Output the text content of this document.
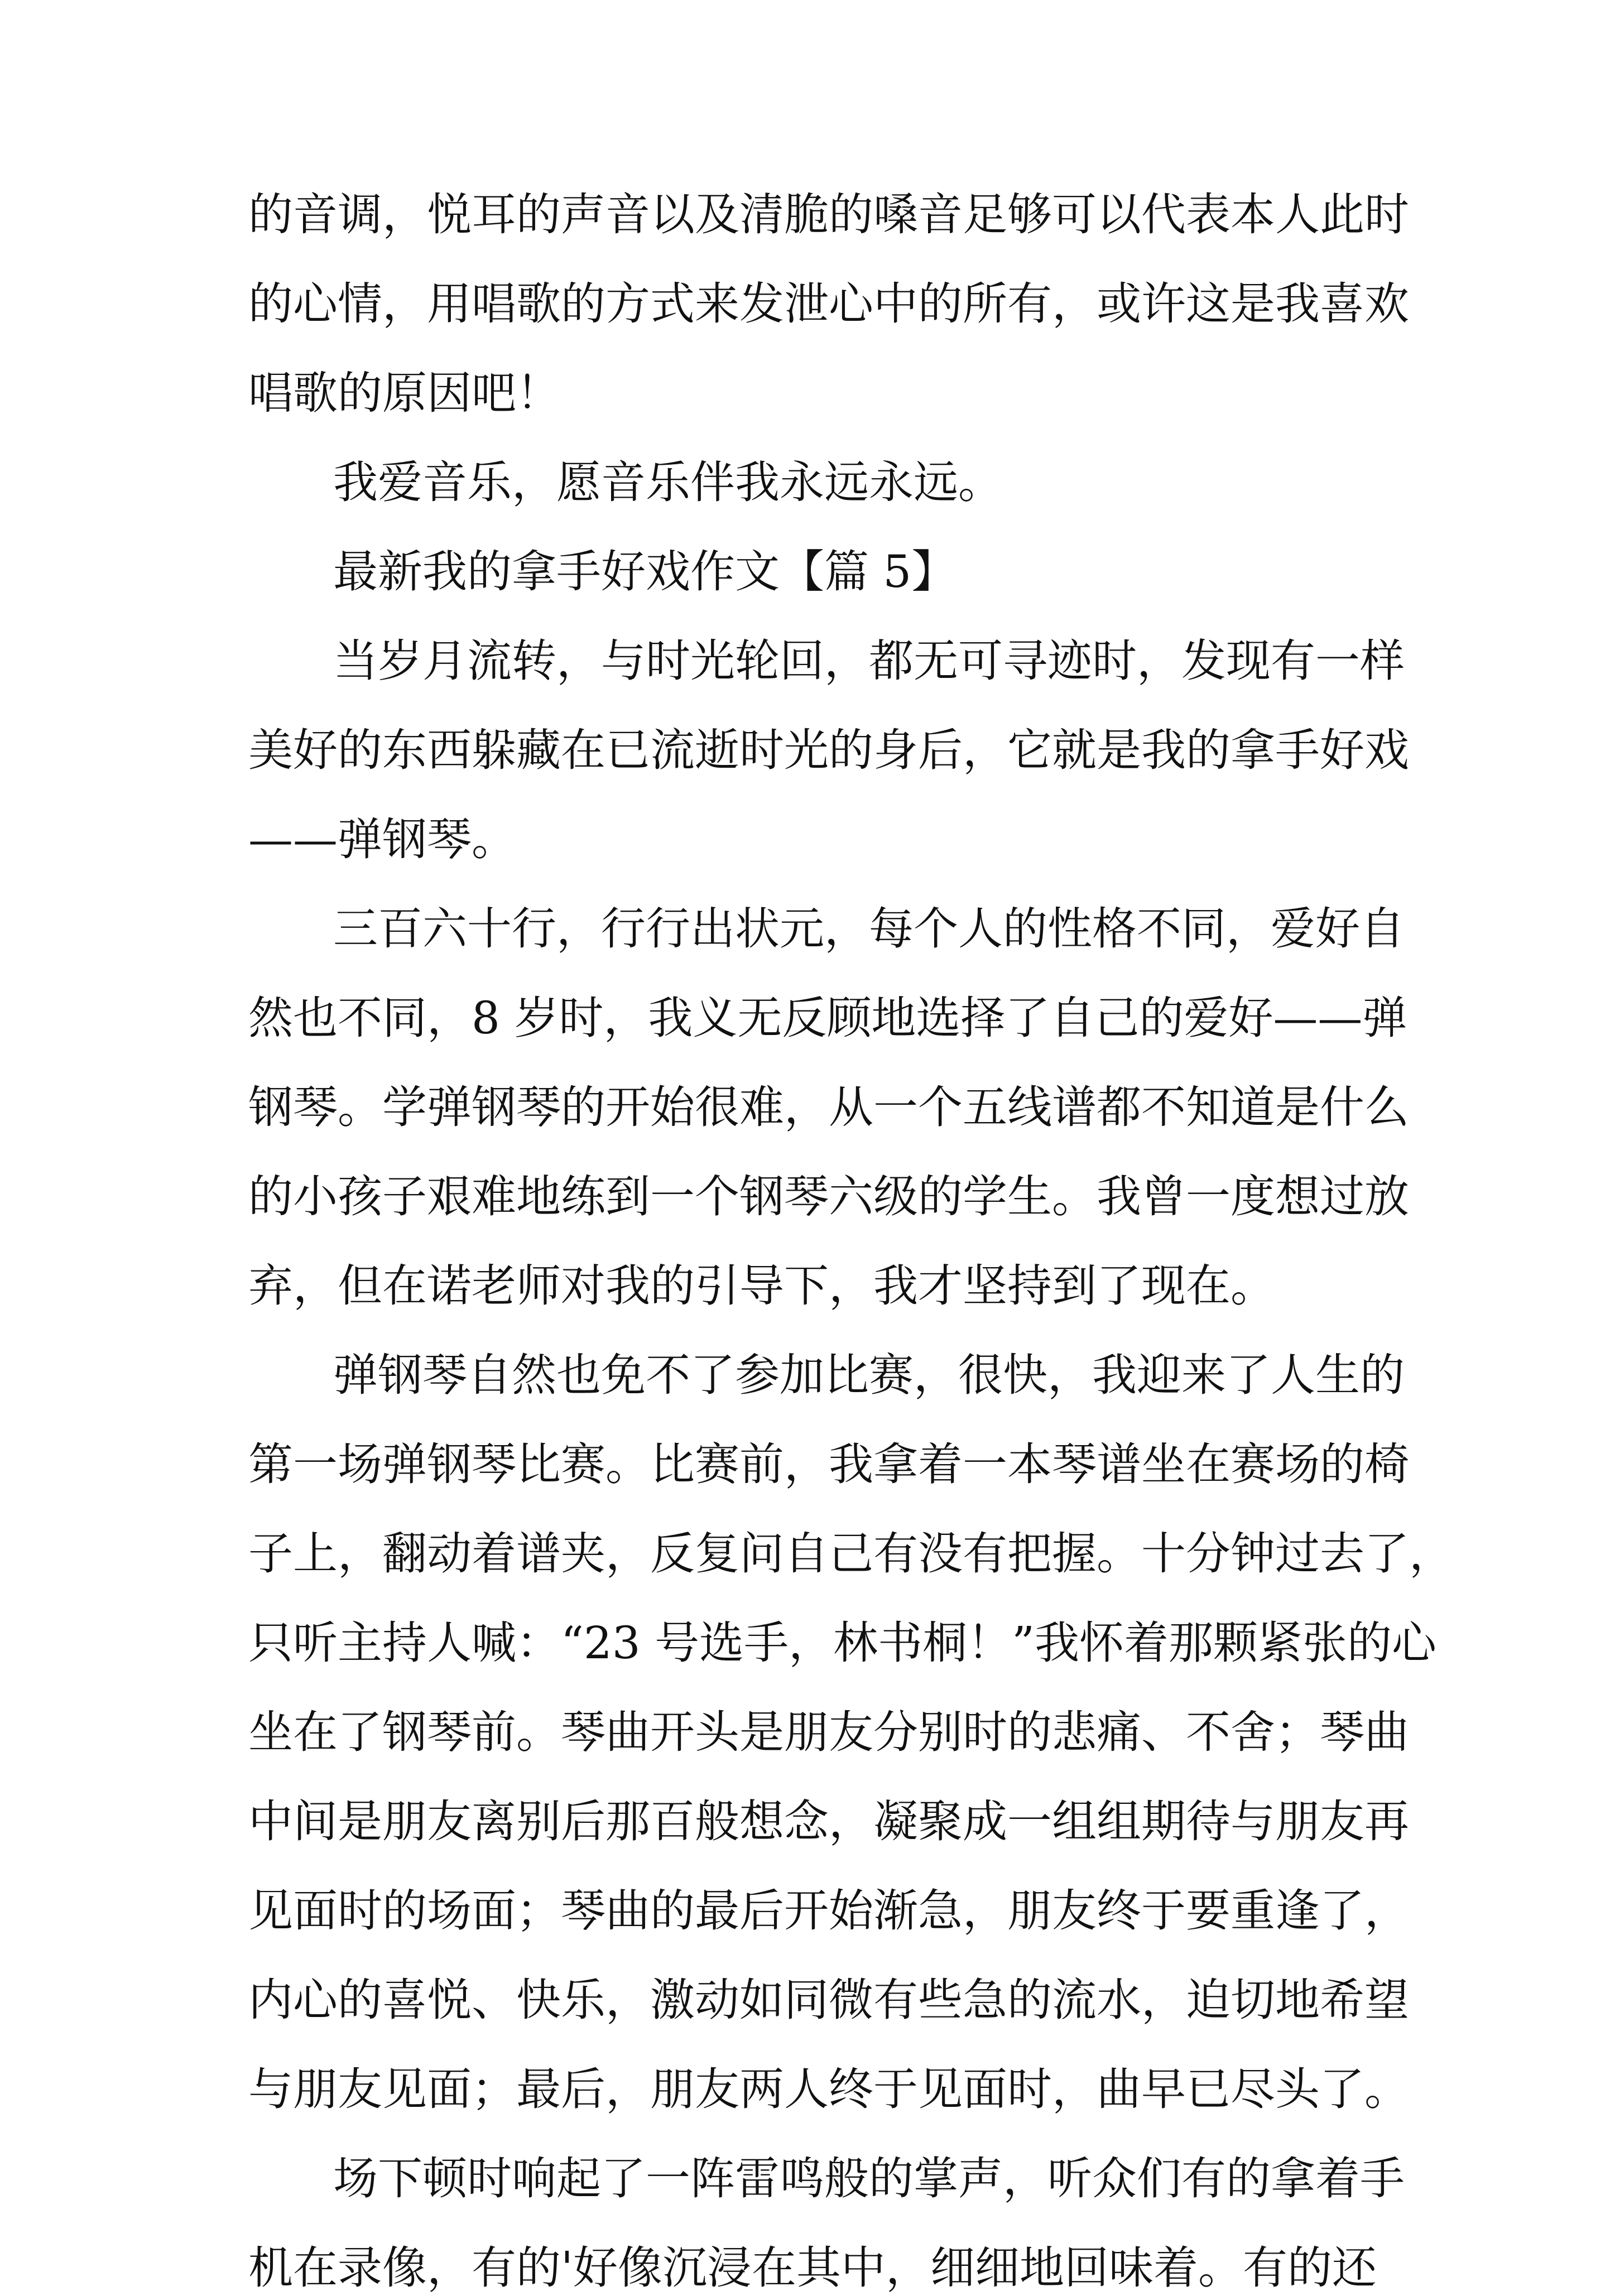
的音调，悦耳的声音以及清脆的嗓音足够可以代表本人此时

的心情，用唱歌的方式来发泄心中的所有，或许这是我喜欢

唱歌的原因吧！

我爱音乐，愿音乐伴我永远永远。

最新我的拿手好戏作文【篇 5】

当岁月流转，与时光轮回，都无可寻迹时，发现有一样

美好的东西躲藏在已流逝时光的身后，它就是我的拿手好戏

——弹钢琴。

三百六十行，行行出状元，每个人的性格不同，爱好自

然也不同，8 岁时，我义无反顾地选择了自己的爱好——弹

钢琴。学弹钢琴的开始很难，从一个五线谱都不知道是什么

的小孩子艰难地练到一个钢琴六级的学生。我曾一度想过放

弃，但在诺老师对我的引导下，我才坚持到了现在。

弹钢琴自然也免不了参加比赛，很快，我迎来了人生的

第一场弹钢琴比赛。比赛前，我拿着一本琴谱坐在赛场的椅

子上，翻动着谱夹，反复问自己有没有把握。十分钟过去了，

只听主持人喊：“23 号选手，林书桐！”我怀着那颗紧张的心

坐在了钢琴前。琴曲开头是朋友分别时的悲痛、不舍；琴曲

中间是朋友离别后那百般想念，凝聚成一组组期待与朋友再

见面时的场面；琴曲的最后开始渐急，朋友终于要重逢了，

内心的喜悦、快乐，激动如同微有些急的流水，迫切地希望

与朋友见面；最后，朋友两人终于见面时，曲早已尽头了。

场下顿时响起了一阵雷鸣般的掌声，听众们有的拿着手

机在录像，有的'好像沉浸在其中，细细地回味着。有的还
